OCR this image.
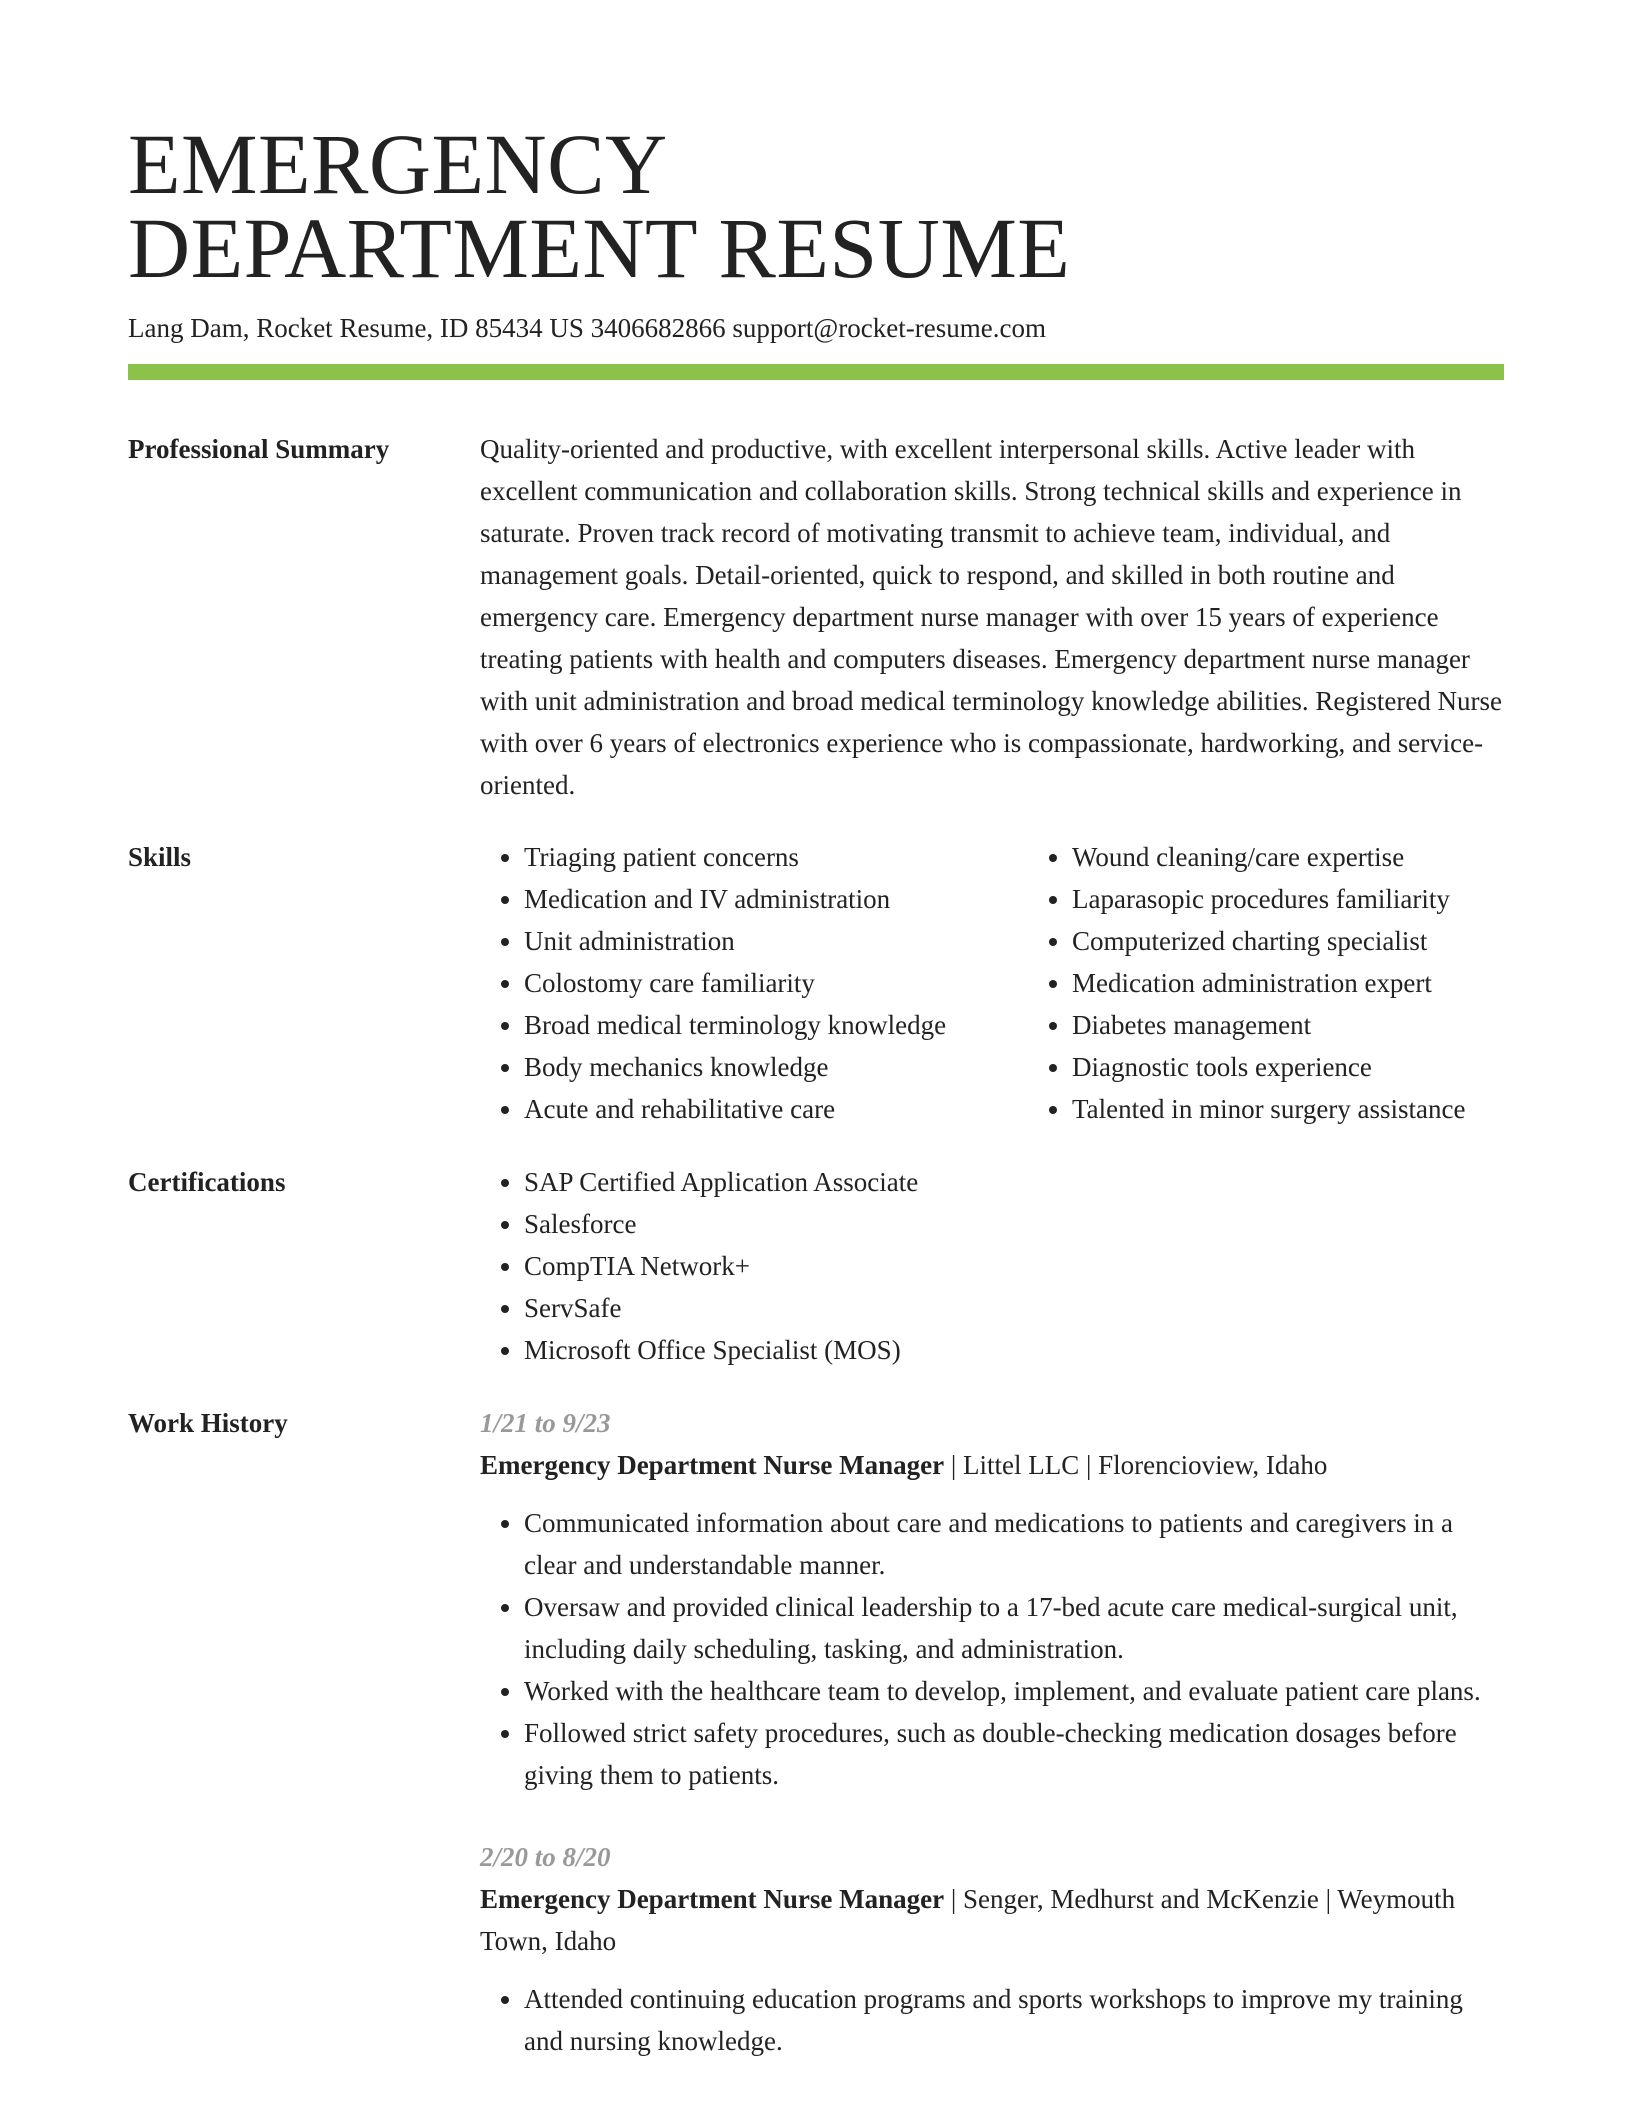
EMERGENCY
DEPARTMENT RESUME
Lang Dam, Rocket Resume, ID 85434 US 3406682866 support@rocket-resume.com
Professional Summary	Quality-oriented and productive, with excellent interpersonal skills. Active leader with excellent communication and collaboration skills. Strong technical skills and experience in saturate. Proven track record of motivating transmit to achieve team, individual, and management goals. Detail-oriented, quick to respond, and skilled in both routine and emergency care. Emergency department nurse manager with over 15 years of experience treating patients with health and computers diseases. Emergency department nurse manager with unit administration and broad medical terminology knowledge abilities. Registered Nurse with over 6 years of electronics experience who is compassionate, hardworking, and service-oriented.

Skills	• Triaging patient concerns
• Medication and IV administration
• Unit administration
• Colostomy care familiarity
• Broad medical terminology knowledge
• Body mechanics knowledge
• Acute and rehabilitative care
• Wound cleaning/care expertise
• Laparasopic procedures familiarity
• Computerized charting specialist
• Medication administration expert
• Diabetes management
• Diagnostic tools experience
• Talented in minor surgery assistance
Certifications	• SAP Certified Application Associate
• Salesforce
• CompTIA Network+
• ServSafe
• Microsoft Office Specialist (MOS)
Work History	1/21 to 9/23
Emergency Department Nurse Manager | Littel LLC | Florencioview, Idaho
• Communicated information about care and medications to patients and caregivers in a clear and understandable manner.
• Oversaw and provided clinical leadership to a 17-bed acute care medical-surgical unit, including daily scheduling, tasking, and administration.
• Worked with the healthcare team to develop, implement, and evaluate patient care plans.
• Followed strict safety procedures, such as double-checking medication dosages before giving them to patients.
2/20 to 8/20
Emergency Department Nurse Manager | Senger, Medhurst and McKenzie | Weymouth Town, Idaho
• Attended continuing education programs and sports workshops to improve my training and nursing knowledge.
